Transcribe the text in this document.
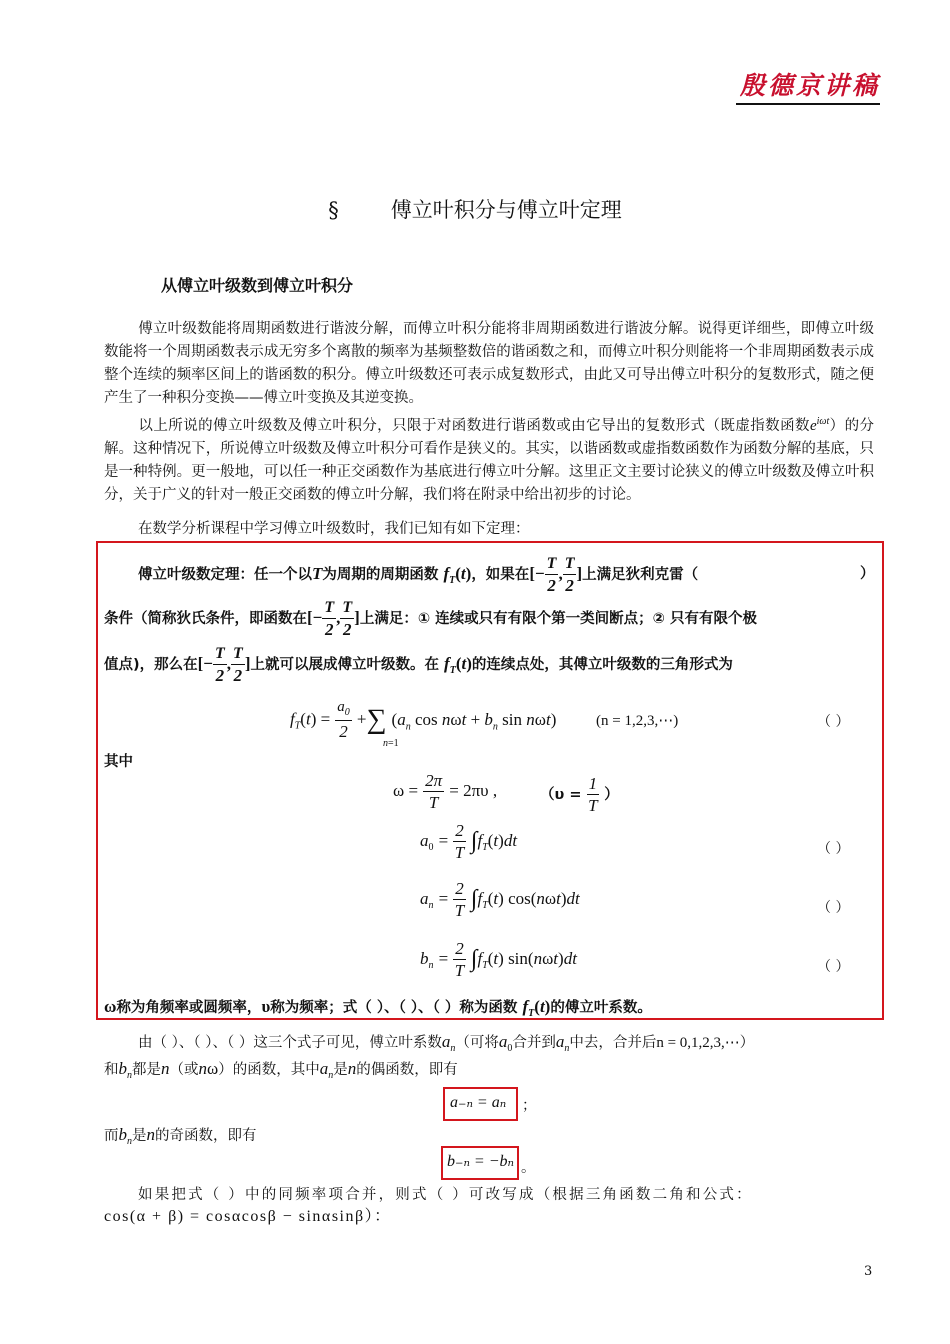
殷德京讲稿
§ 傅立叶积分与傅立叶定理
从傅立叶级数到傅立叶积分
傅立叶级数能将周期函数进行谐波分解，而傅立叶积分能将非周期函数进行谐波分解。说得更详细些，即傅立叶级数能将一个周期函数表示成无穷多个离散的频率为基频整数倍的谐函数之和，而傅立叶积分则能将一个非周期函数表示成整个连续的频率区间上的谐函数的积分。傅立叶级数还可表示成复数形式，由此又可导出傅立叶积分的复数形式，随之便产生了一种积分变换——傅立叶变换及其逆变换。
以上所说的傅立叶级数及傅立叶积分，只限于对函数进行谐函数或由它导出的复数形式（既虚指数函数$e^{i\omega t}$）的分解。这种情况下，所说傅立叶级数及傅立叶积分可看作是狭义的。其实，以谐函数或虚指数函数作为函数分解的基底，只是一种特例。更一般地，可以任一种正交函数作为基底进行傅立叶分解。这里正文主要讨论狭义的傅立叶级数及傅立叶积分，关于广义的针对一般正交函数的傅立叶分解，我们将在附录中给出初步的讨论。
在数学分析课程中学习傅立叶级数时，我们已知有如下定理：
傅立叶级数定理：任一个以T为周期的周期函数 $f_T(t)$，如果在[− $\frac{T}{2}$ , $\frac{T}{2}$ ]上满足狄利克雷（	）
条件（简称狄氏条件，即函数在[− $\frac{T}{2}$ , $\frac{T}{2}$ ]上满足：① 连续或只有有限个第一类间断点；② 只有有限个极
值点)，那么在[− $\frac{T}{2}$ , $\frac{T}{2}$ ]上就可以展成傅立叶级数。在 $f_T(t)$的连续点处，其傅立叶级数的三角形式为
$f_T(t) = \frac{a_0}{2}$ +∑ ($a_n$ $\cos n\omega t + b_n$ sin nωt)
n=1
(n = 1,2,3,⋯)	（ ）
其中
$\omega = \frac{2\pi}{T} = 2\pi\upsilon$ ,	（$\upsilon = \frac{1}{T}$ ）
$a_0 = \frac{2}{T} \int f_T(t)dt$	（ ）
$a_n = \frac{2}{T} \int f_T(t)$ cos(nωt)dt	（ ）
$b_n = \frac{2}{T} \int f_T(t)$ sin(nωt)dt	（ ）
ω称为角频率或圆频率，υ称为频率；式（ ）、（ ）、（ ）称为函数 $f_T(t)$的傅立叶系数。
由（ ）、（ ）、（ ）这三个式子可见，傅立叶系数$a_n$（可将$a_0$合并到$a_n$中去，合并后n = 0,1,2,3,⋯）
和$b_n$都是n（或nω）的函数，其中$a_n$是n的偶函数，即有
a₋ₙ = aₙ ；
而$b_n$是n的奇函数，即有
b₋ₙ = −bₙ 。
如果把式（ ）中的同频率项合并，则式（ ）可改写成（根据三角函数二角和公式：
cos(α + β) = cosαcosβ − sinαsinβ）：
3
